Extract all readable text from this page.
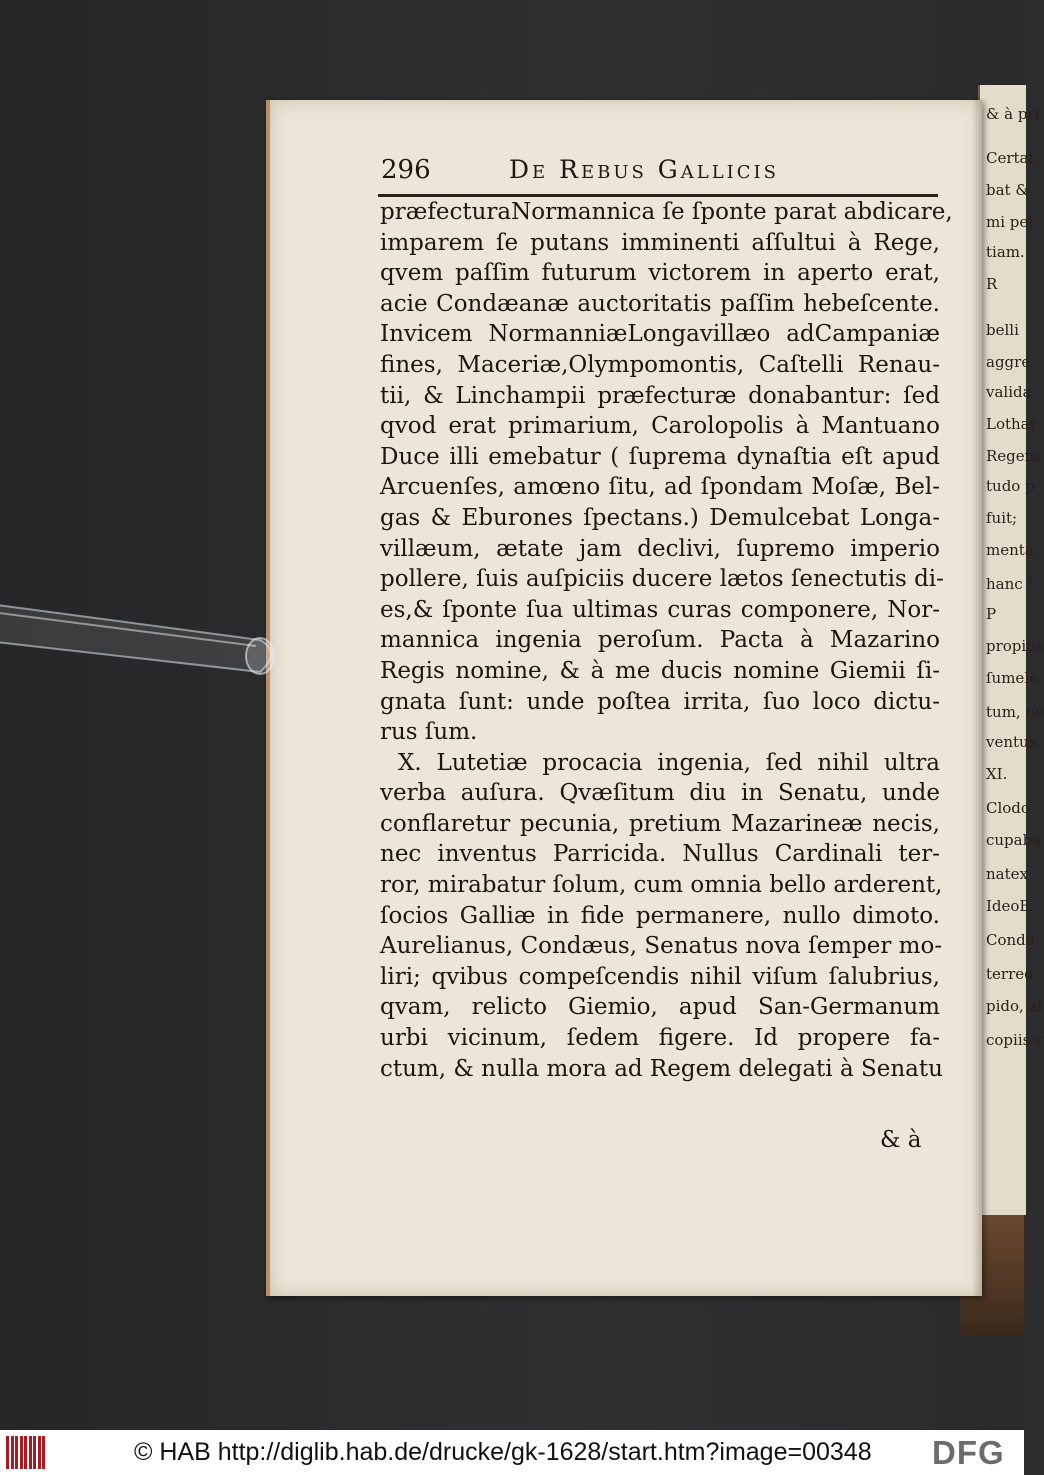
& à pri
Certaſ
bat &
mi pet
tiam.
R
belli
aggre
valida
Lothar
Regem
tudo p
fuit;
menta
hanc ſ
P
propius
ſumele
tum, no
ventus
XI.
Clodo
cupaba
natex
IdeoE
Conda
terreo
pido, al
copiis c
296	De Rebus Gallicis
præfecturaNormannica ſe ſponte parat abdicare,
imparem ſe putans imminenti aſſultui à Rege,
qvem paſſim futurum victorem in aperto erat,
acie Condæanæ auctoritatis paſſim hebeſcente.
Invicem NormanniæLongavillæo adCampaniæ
fines, Maceriæ,Olympomontis, Caſtelli Renau-
tii, & Linchampii præfecturæ donabantur: ſed
qvod erat primarium, Carolopolis à Mantuano
Duce illi emebatur ( ſuprema dynaſtia eſt apud
Arcuenſes, amœno ſitu, ad ſpondam Moſæ, Bel-
gas & Eburones ſpectans.) Demulcebat Longa-
villæum, ætate jam declivi, ſupremo imperio
pollere, ſuis auſpiciis ducere lætos ſenectutis di-
es,& ſponte ſua ultimas curas componere, Nor-
mannica ingenia peroſum. Pacta à Mazarino
Regis nomine, & à me ducis nomine Giemii ſi-
gnata ſunt: unde poſtea irrita, ſuo loco dictu-
rus ſum.
X. Lutetiæ procacia ingenia, ſed nihil ultra
verba auſura. Qvæſitum diu in Senatu, unde
conflaretur pecunia, pretium Mazarineæ necis,
nec inventus Parricida. Nullus Cardinali ter-
ror, mirabatur ſolum, cum omnia bello arderent,
ſocios Galliæ in fide permanere, nullo dimoto.
Aurelianus, Condæus, Senatus nova ſemper mo-
liri; qvibus compeſcendis nihil viſum ſalubrius,
qvam, relicto Giemio, apud San-Germanum
urbi vicinum, ſedem figere. Id propere fa-
ctum, & nulla mora ad Regem delegati à Senatu
& à
© HAB http://diglib.hab.de/drucke/gk-1628/start.htm?image=00348 DFG
